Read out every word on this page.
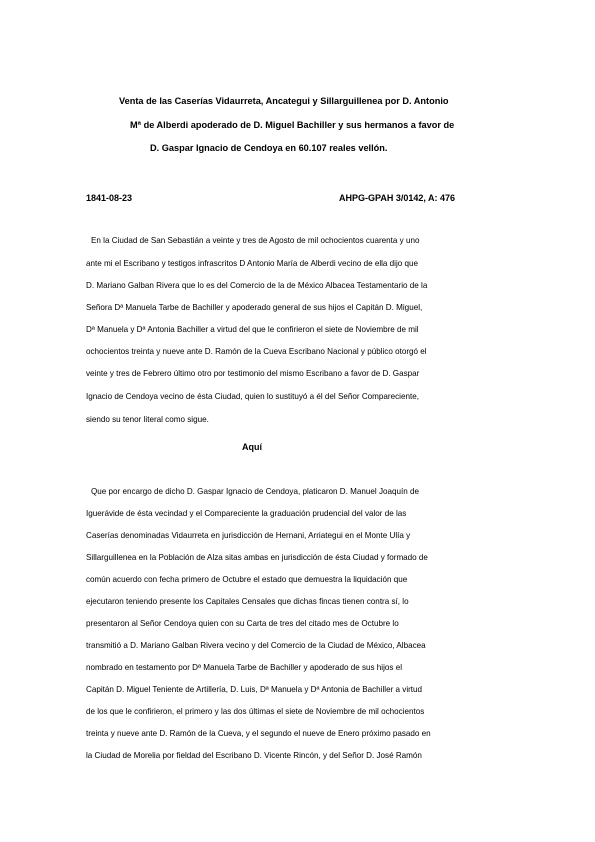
Venta de las Caserías Vidaurreta, Ancategui y Sillarguillenea por D. Antonio
Mª de Alberdi apoderado de D. Miguel Bachiller y sus hermanos a favor de
D. Gaspar Ignacio de Cendoya en 60.107 reales vellón.
1841-08-23	AHPG-GPAH 3/0142, A: 476
En la Ciudad de San Sebastián a veinte y tres de Agosto de mil ochocientos cuarenta y uno
ante mi el Escribano y testigos infrascritos D Antonio María de Alberdi vecino de ella dijo que
D. Mariano Galban Rivera que lo es del Comercio de la de México Albacea Testamentario de la
Señora Dª Manuela Tarbe de Bachiller y apoderado general de sus hijos el Capitán D. Miguel,
Dª Manuela y Dª Antonia Bachiller a virtud del que le confirieron el siete de Noviembre de mil
ochocientos treinta y nueve ante D. Ramón de la Cueva Escribano Nacional y público otorgó el
veinte y tres de Febrero último otro por testimonio del mismo Escribano a favor de D. Gaspar
Ignacio de Cendoya vecino de ésta Ciudad, quien lo sustituyó a él del Señor Compareciente,
siendo su tenor literal como sigue.
Aquí
Que por encargo de dicho D. Gaspar Ignacio de Cendoya, platicaron D. Manuel Joaquín de
Iguerávide de ésta vecindad y el Compareciente la graduación prudencial del valor de las
Caserías denominadas Vidaurreta en jurisdicción de Hernani, Arriategui en el Monte Ulía y
Sillarguillenea en la Población de Alza sitas ambas en jurisdicción de ésta Ciudad y formado de
común acuerdo con fecha primero de Octubre el estado que demuestra la liquidación que
ejecutaron teniendo presente los Capitales Censales que dichas fincas tienen contra sí, lo
presentaron al Señor Cendoya quien con su Carta de tres del citado mes de Octubre lo
transmitió a D. Mariano Galban Rivera vecino y del Comercio de la Ciudad de México, Albacea
nombrado en testamento por Dª Manuela Tarbe de Bachiller y apoderado de sus hijos el
Capitán D. Miguel Teniente de Artillería, D. Luis, Dª Manuela y Dª Antonia de Bachiller a virtud
de los que le confirieron, el primero y las dos últimas el siete de Noviembre de mil ochocientos
treinta y nueve ante D. Ramón de la Cueva, y el segundo el nueve de Enero próximo pasado en
la Ciudad de Morelia por fieldad del Escribano D. Vicente Rincón, y del Señor D. José Ramón
